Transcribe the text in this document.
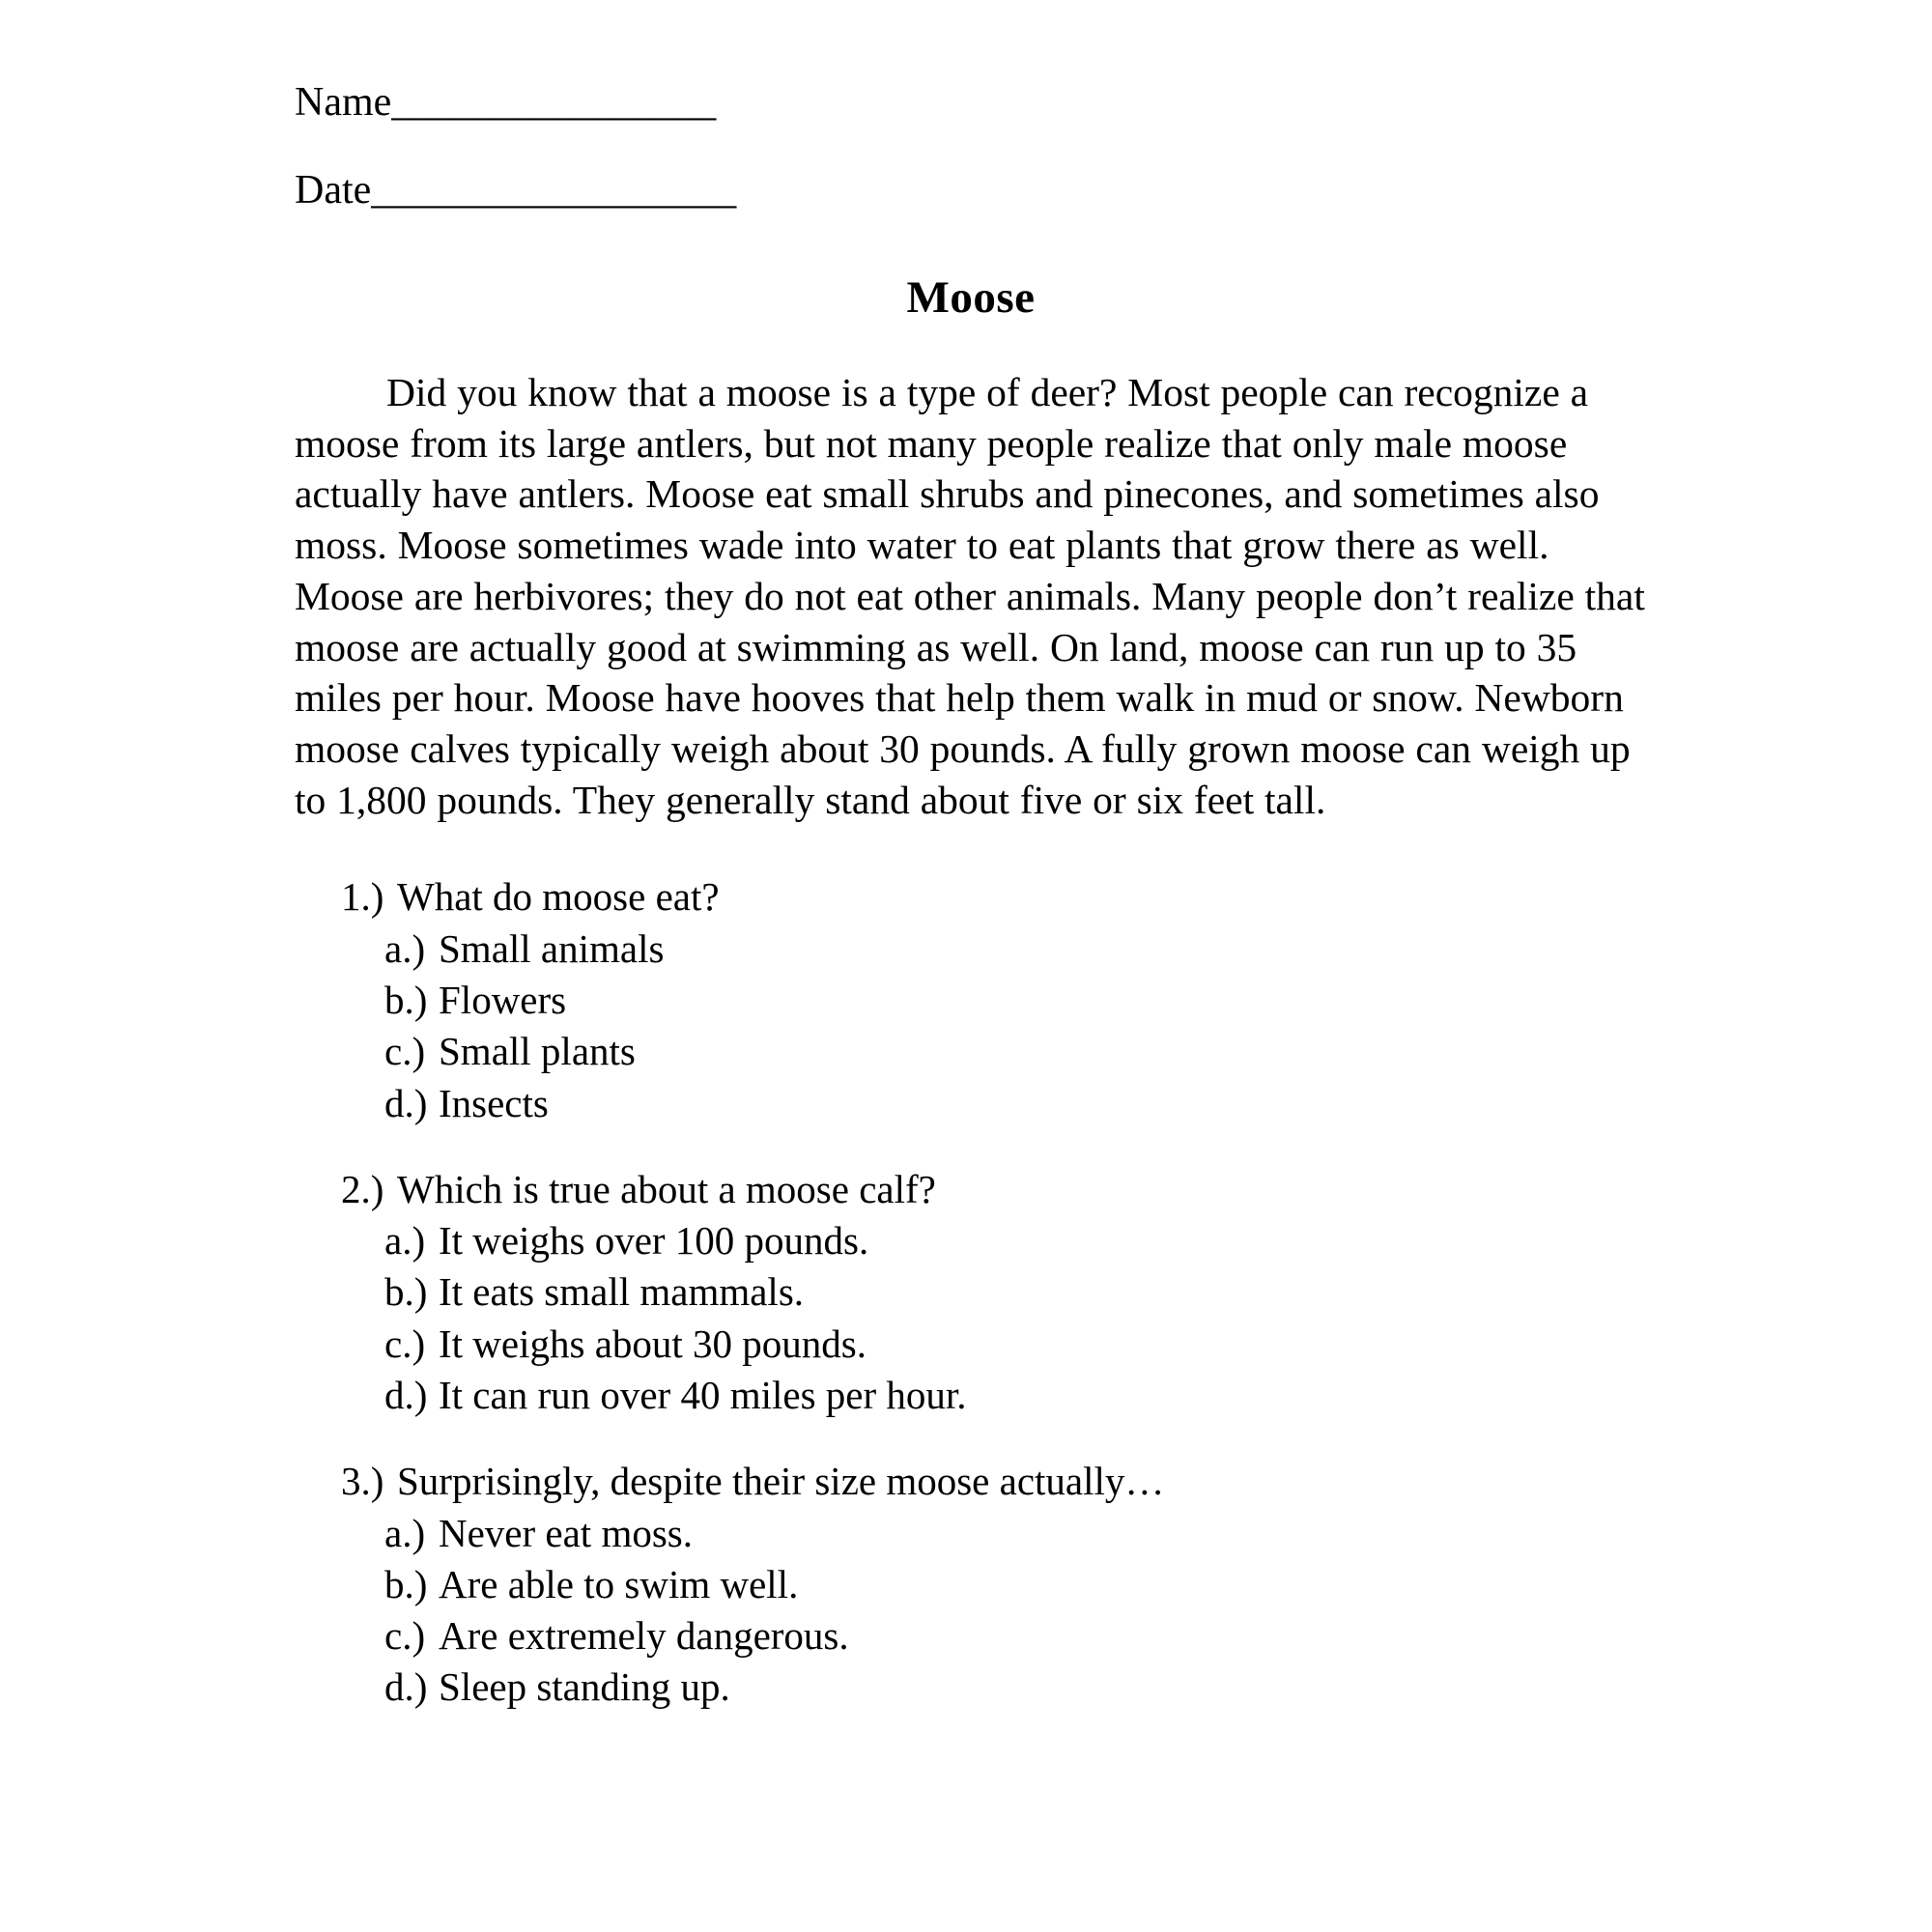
Name________________
Date__________________
Moose
Did you know that a moose is a type of deer? Most people can recognize a moose from its large antlers, but not many people realize that only male moose actually have antlers. Moose eat small shrubs and pinecones, and sometimes also moss. Moose sometimes wade into water to eat plants that grow there as well. Moose are herbivores; they do not eat other animals. Many people don’t realize that moose are actually good at swimming as well. On land, moose can run up to 35 miles per hour. Moose have hooves that help them walk in mud or snow. Newborn moose calves typically weigh about 30 pounds. A fully grown moose can weigh up to 1,800 pounds. They generally stand about five or six feet tall.
1.) What do moose eat?
a.) Small animals
b.) Flowers
c.) Small plants
d.) Insects
2.) Which is true about a moose calf?
a.) It weighs over 100 pounds.
b.) It eats small mammals.
c.) It weighs about 30 pounds.
d.) It can run over 40 miles per hour.
3.) Surprisingly, despite their size moose actually…
a.) Never eat moss.
b.) Are able to swim well.
c.) Are extremely dangerous.
d.) Sleep standing up.
